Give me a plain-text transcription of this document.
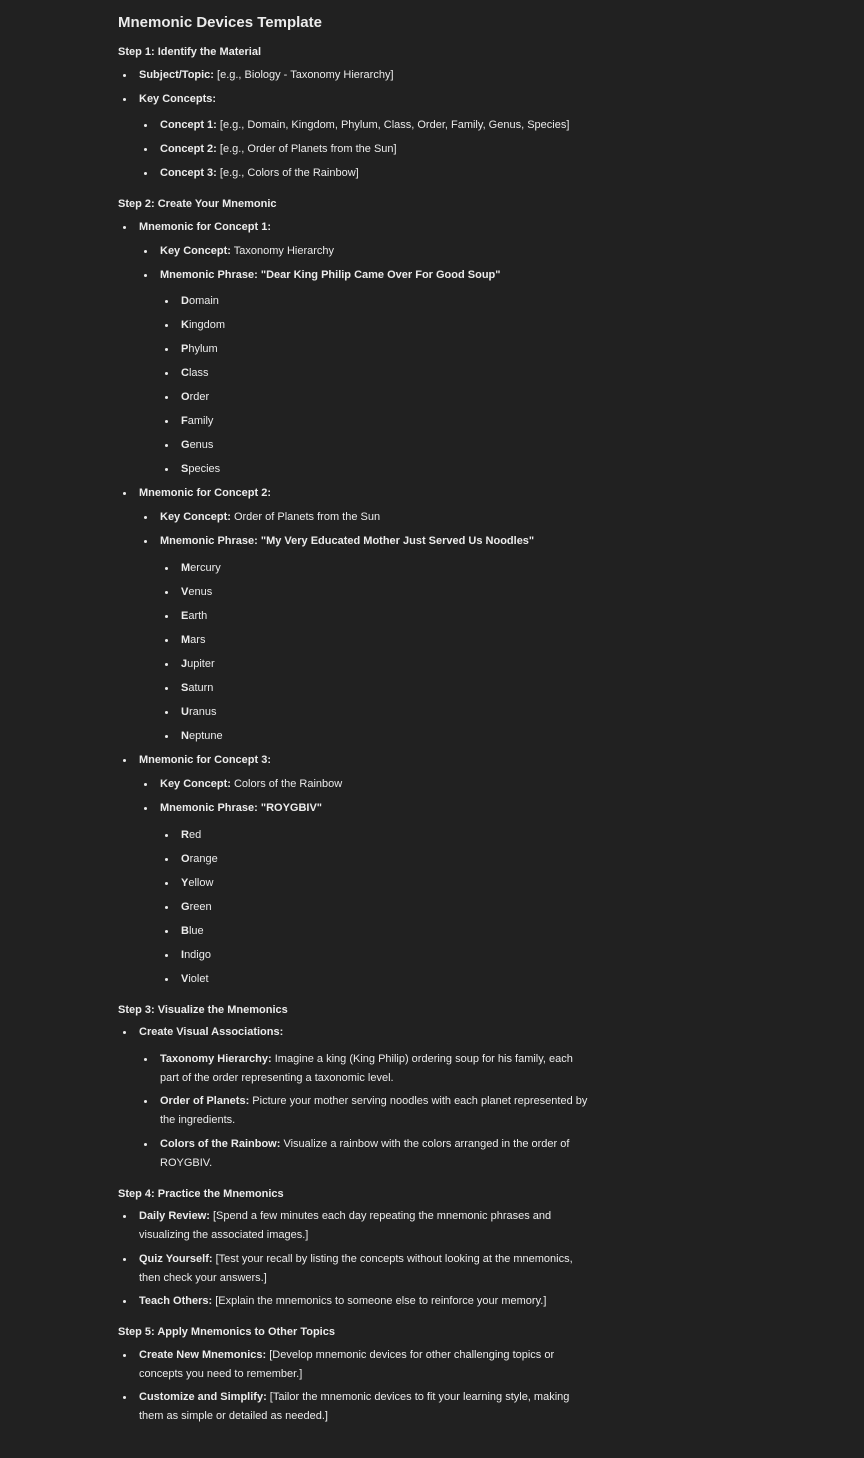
Mnemonic Devices Template
Step 1: Identify the Material
Subject/Topic: [e.g., Biology - Taxonomy Hierarchy]
Key Concepts:
Concept 1: [e.g., Domain, Kingdom, Phylum, Class, Order, Family, Genus, Species]
Concept 2: [e.g., Order of Planets from the Sun]
Concept 3: [e.g., Colors of the Rainbow]
Step 2: Create Your Mnemonic
Mnemonic for Concept 1:
Key Concept: Taxonomy Hierarchy
Mnemonic Phrase: "Dear King Philip Came Over For Good Soup"
Domain
Kingdom
Phylum
Class
Order
Family
Genus
Species
Mnemonic for Concept 2:
Key Concept: Order of Planets from the Sun
Mnemonic Phrase: "My Very Educated Mother Just Served Us Noodles"
Mercury
Venus
Earth
Mars
Jupiter
Saturn
Uranus
Neptune
Mnemonic for Concept 3:
Key Concept: Colors of the Rainbow
Mnemonic Phrase: "ROYGBIV"
Red
Orange
Yellow
Green
Blue
Indigo
Violet
Step 3: Visualize the Mnemonics
Create Visual Associations:
Taxonomy Hierarchy: Imagine a king (King Philip) ordering soup for his family, each part of the order representing a taxonomic level.
Order of Planets: Picture your mother serving noodles with each planet represented by the ingredients.
Colors of the Rainbow: Visualize a rainbow with the colors arranged in the order of ROYGBIV.
Step 4: Practice the Mnemonics
Daily Review: [Spend a few minutes each day repeating the mnemonic phrases and visualizing the associated images.]
Quiz Yourself: [Test your recall by listing the concepts without looking at the mnemonics, then check your answers.]
Teach Others: [Explain the mnemonics to someone else to reinforce your memory.]
Step 5: Apply Mnemonics to Other Topics
Create New Mnemonics: [Develop mnemonic devices for other challenging topics or concepts you need to remember.]
Customize and Simplify: [Tailor the mnemonic devices to fit your learning style, making them as simple or detailed as needed.]
